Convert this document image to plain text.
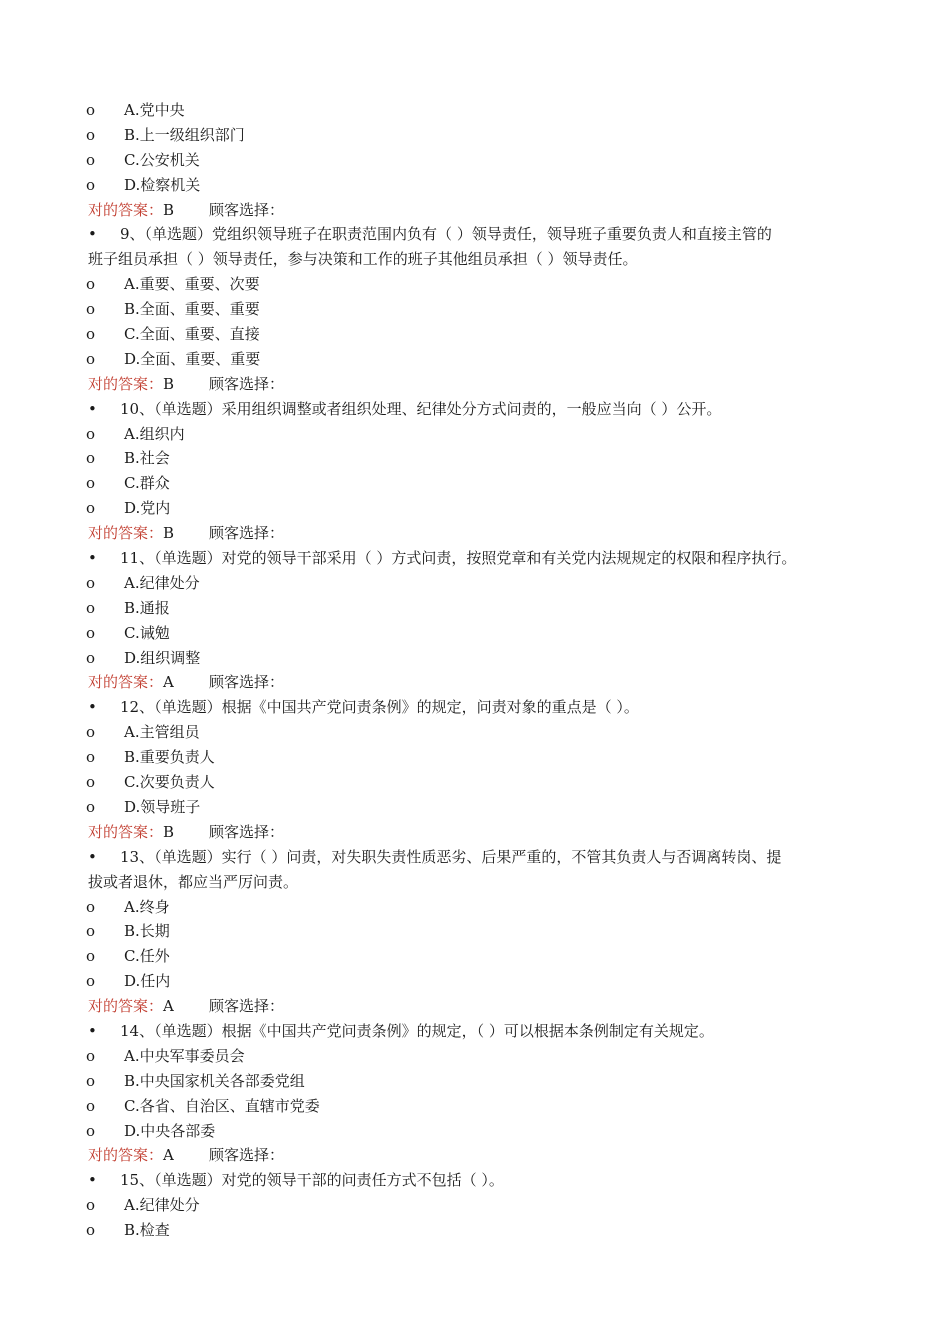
o A.党中央
o B.上一级组织部门
o C.公安机关
o D.检察机关
对的答案：B 顾客选择：
• 9、（单选题）党组织领导班子在职责范围内负有（ ）领导责任，领导班子重要负责人和直接主管的
班子组员承担（ ）领导责任，参与决策和工作的班子其他组员承担（ ）领导责任。
o A.重要、重要、次要
o B.全面、重要、重要
o C.全面、重要、直接
o D.全面、重要、重要
对的答案：B 顾客选择：
• 10、（单选题）采用组织调整或者组织处理、纪律处分方式问责的，一般应当向（ ）公开。
o A.组织内
o B.社会
o C.群众
o D.党内
对的答案：B 顾客选择：
• 11、（单选题）对党的领导干部采用（ ）方式问责，按照党章和有关党内法规规定的权限和程序执行。
o A.纪律处分
o B.通报
o C.诫勉
o D.组织调整
对的答案：A 顾客选择：
• 12、（单选题）根据《中国共产党问责条例》的规定，问责对象的重点是（ ）。
o A.主管组员
o B.重要负责人
o C.次要负责人
o D.领导班子
对的答案：B 顾客选择：
• 13、（单选题）实行（ ）问责，对失职失责性质恶劣、后果严重的，不管其负责人与否调离转岗、提
拔或者退休，都应当严厉问责。
o A.终身
o B.长期
o C.任外
o D.任内
对的答案：A 顾客选择：
• 14、（单选题）根据《中国共产党问责条例》的规定，（ ）可以根据本条例制定有关规定。
o A.中央军事委员会
o B.中央国家机关各部委党组
o C.各省、自治区、直辖市党委
o D.中央各部委
对的答案：A 顾客选择：
• 15、（单选题）对党的领导干部的问责任方式不包括（ ）。
o A.纪律处分
o B.检查
